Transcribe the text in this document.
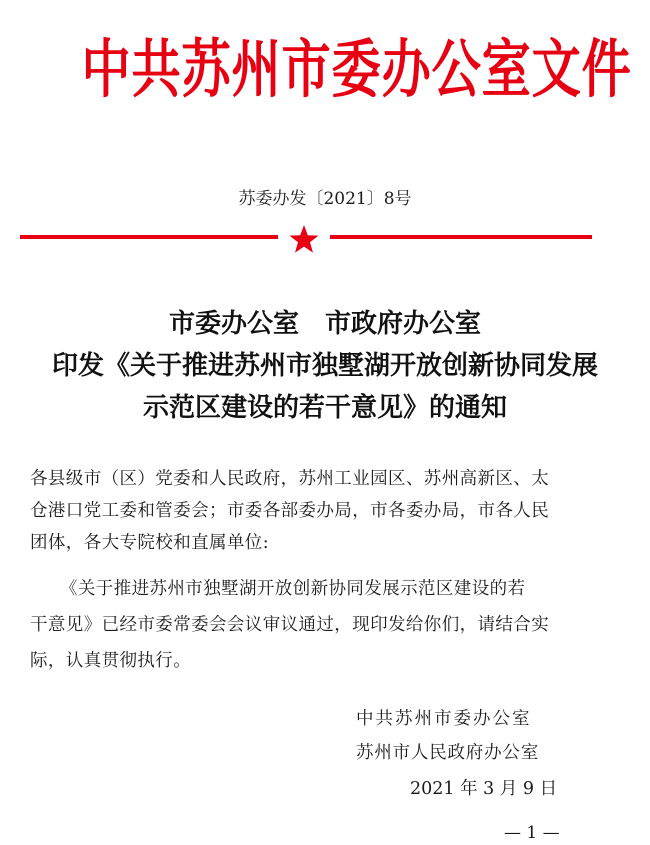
中共苏州市委办公室文件
苏委办发〔2021〕8号
市委办公室　市政府办公室
印发《关于推进苏州市独墅湖开放创新协同发展
示范区建设的若干意见》的通知
各县级市（区）党委和人民政府，苏州工业园区、苏州高新区、太
仓港口党工委和管委会；市委各部委办局，市各委办局，市各人民
团体，各大专院校和直属单位:
《关于推进苏州市独墅湖开放创新协同发展示范区建设的若
干意见》已经市委常委会会议审议通过，现印发给你们，请结合实
际，认真贯彻执行。
中共苏州市委办公室
苏州市人民政府办公室
2021 年 3 月 9 日
— 1 —
